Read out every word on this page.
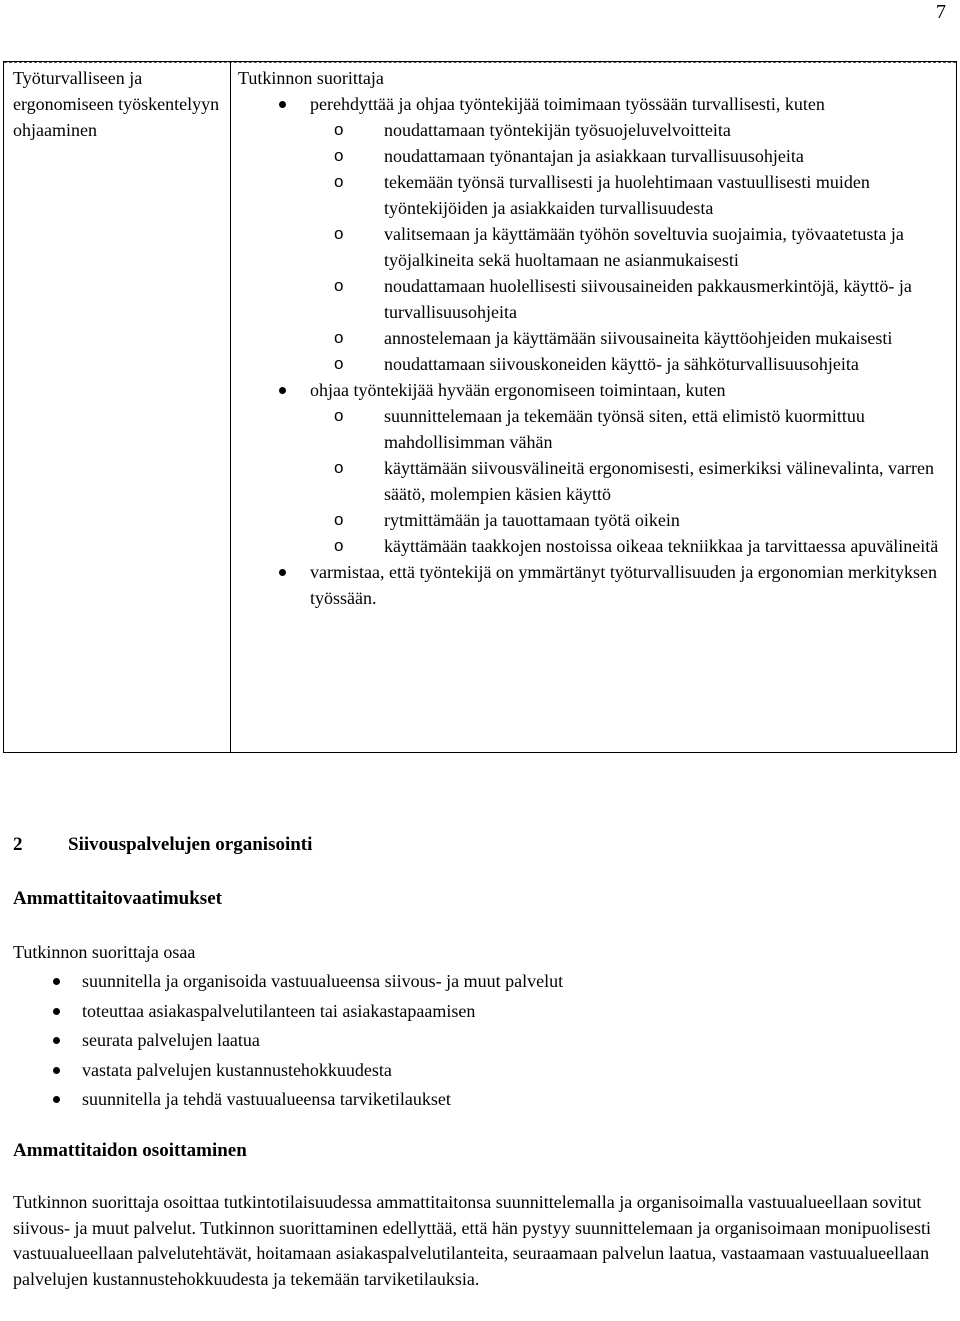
7
Työturvallisee​n ja ergonomiseen työskentelyyn ohjaaminen
Tutkinnon suorittaja
perehdyttää ja ohjaa työntekijää toimimaan työssään turvallisesti, kuten
o noudattamaan työntekijän työsuojeluvelvoitteita
o noudattamaan työnantajan ja asiakkaan turvallisuusohjeita
o tekemään työnsä turvallisesti ja huolehtimaan vastuullisesti muiden työntekijöiden ja asiakkaiden turvallisuudesta
o valitsemaan ja käyttämään työhön soveltuvia suojaimia, työvaatetusta ja työjalkineita sekä huoltamaan ne asianmukaisesti
o noudattamaan huolellisesti siivousaineiden pakkausmerkintöjä, käyttö- ja turvallisuusohjeita
o annostelemaan ja käyttämään siivousaineita käyttöohjeiden mukaisesti
o noudattamaan siivouskoneiden käyttö- ja sähköturvallisuusohjeita
ohjaa työntekijää hyvään ergonomiseen toimintaan, kuten
o suunnittelemaan ja tekemään työnsä siten, että elimistö kuormittuu mahdollisimman vähän
o käyttämään siivousvälineitä ergonomisesti, esimerkiksi välinevalinta, varren säätö, molempien käsien käyttö
o rytmittämään ja tauottamaan työtä oikein
o käyttämään taakkojen nostoissa oikeaa tekniikkaa ja tarvittaessa apuvälineitä
varmistaa, että työntekijä on ymmärtänyt työturvallisuuden ja ergonomian merkityksen työssään.
2 Siivouspalvelujen organisointi
Ammattitaitovaatimukset
Tutkinnon suorittaja osaa
suunnitella ja organisoida vastuualueensa siivous- ja muut palvelut
toteuttaa asiakaspalvelutilanteen tai asiakastapaamisen
seurata palvelujen laatua
vastata palvelujen kustannustehokkuudesta
suunnitella ja tehdä vastuualueensa tarviketilaukset
Ammattitaidon osoittaminen
Tutkinnon suorittaja osoittaa tutkintotilaisuudessa ammattitaitonsa suunnittelemalla ja organisoimalla vastuualueellaan sovitut siivous- ja muut palvelut. Tutkinnon suorittaminen edellyttää, että hän pystyy suunnittelemaan ja organisoimaan monipuolisesti vastuualueellaan palvelutehtävät, hoitamaan asiakaspalvelutilanteita, seuraamaan palvelun laatua, vastaamaan vastuualueellaan palvelujen kustannustehokkuudesta ja tekemään tarviketilauksia.
